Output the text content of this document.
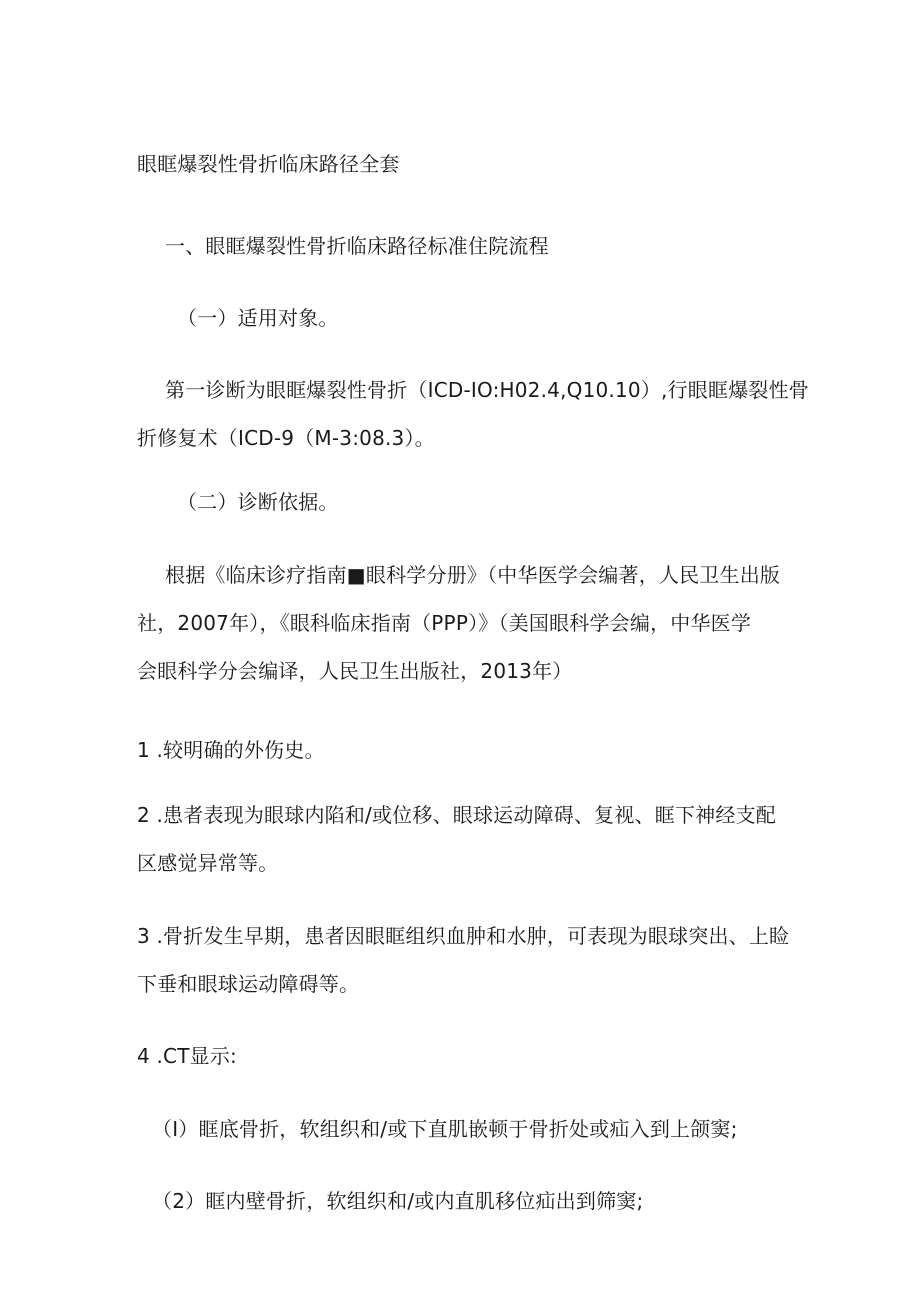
眼眶爆裂性骨折临床路径全套
一、眼眶爆裂性骨折临床路径标准住院流程
（一）适用对象。
第一诊断为眼眶爆裂性骨折（ICD-IO:H02.4,Q10.10）,行眼眶爆裂性骨
折修复术（ICD-9（M-3:08.3）。
（二）诊断依据。
根据《临床诊疗指南■眼科学分册》（中华医学会编著，人民卫生出版
社，2007年），《眼科临床指南（PPP）》（美国眼科学会编，中华医学
会眼科学分会编译，人民卫生出版社，2013年）
1 .较明确的外伤史。
2 .患者表现为眼球内陷和/或位移、眼球运动障碍、复视、眶下神经支配
区感觉异常等。
3 .骨折发生早期，患者因眼眶组织血肿和水肿，可表现为眼球突出、上睑
下垂和眼球运动障碍等。
4 .CT显示:
（I）眶底骨折，软组织和/或下直肌嵌顿于骨折处或疝入到上颌窦;
（2）眶内壁骨折，软组织和/或内直肌移位疝出到筛窦;
